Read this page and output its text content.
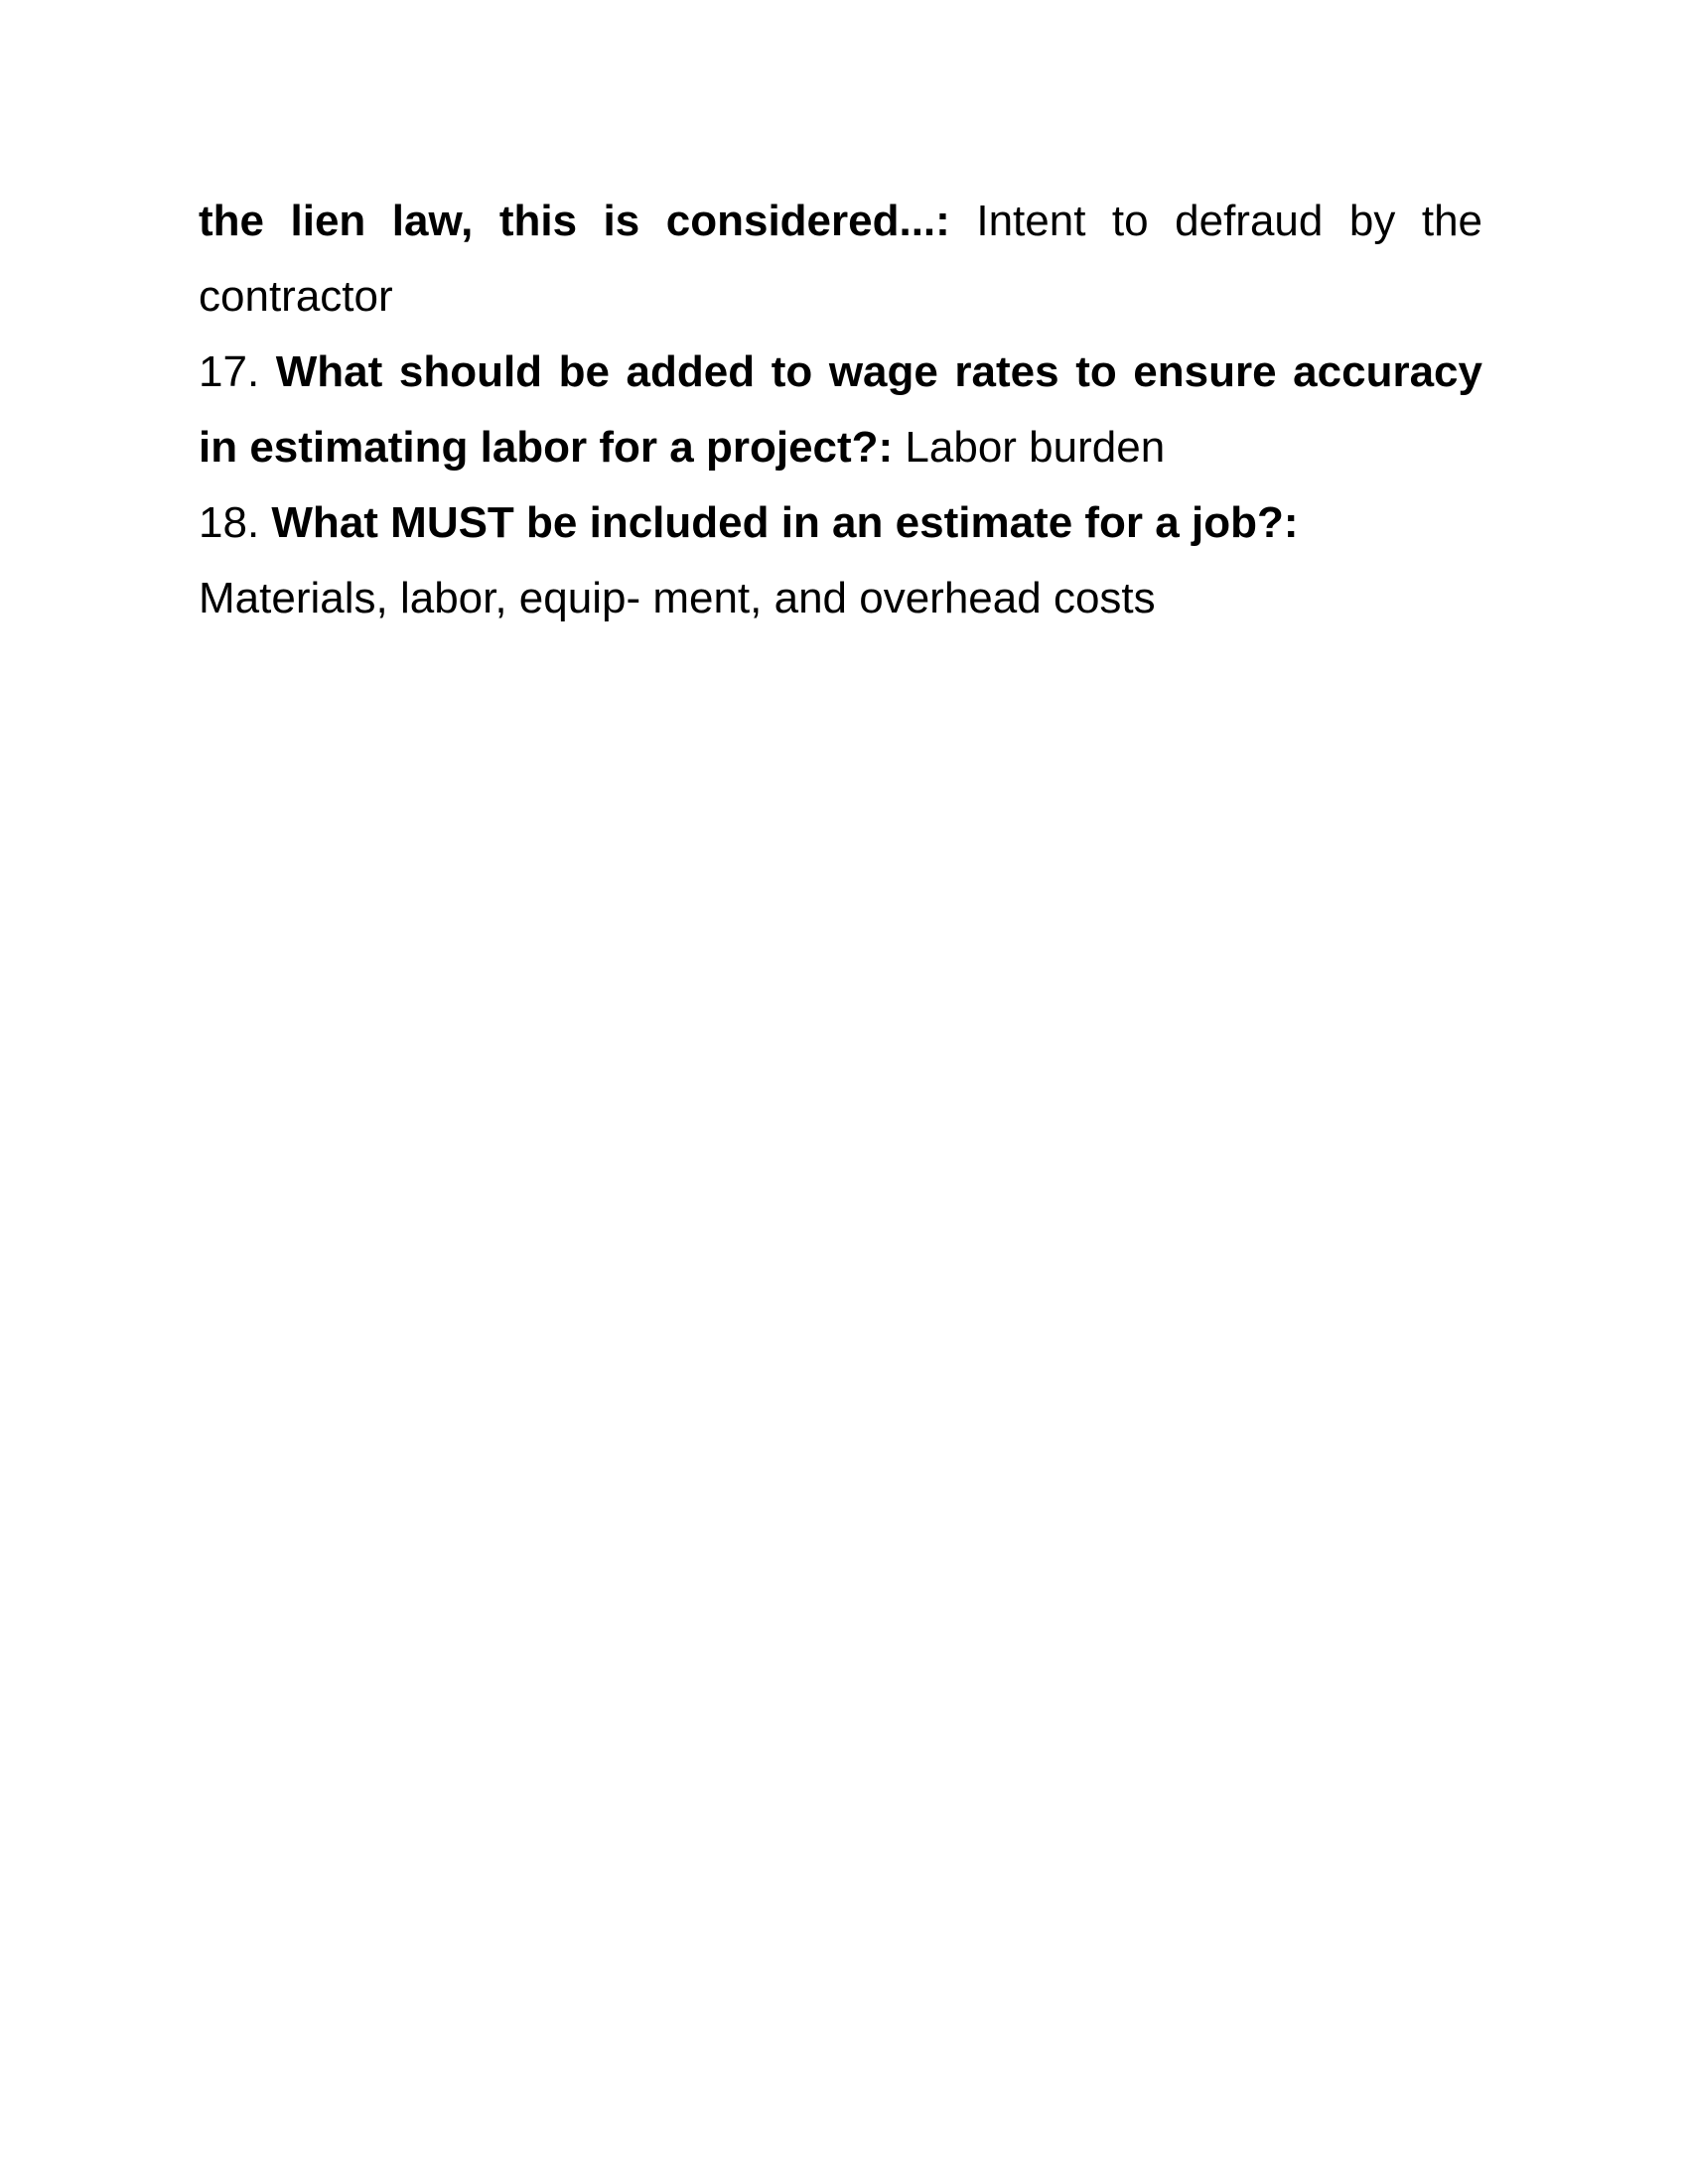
the lien law, this is considered...: Intent to defraud by the contractor

17. What should be added to wage rates to ensure accuracy in estimating labor for a project?: Labor burden

18. What MUST be included in an estimate for a job?:
Materials, labor, equip- ment, and overhead costs
